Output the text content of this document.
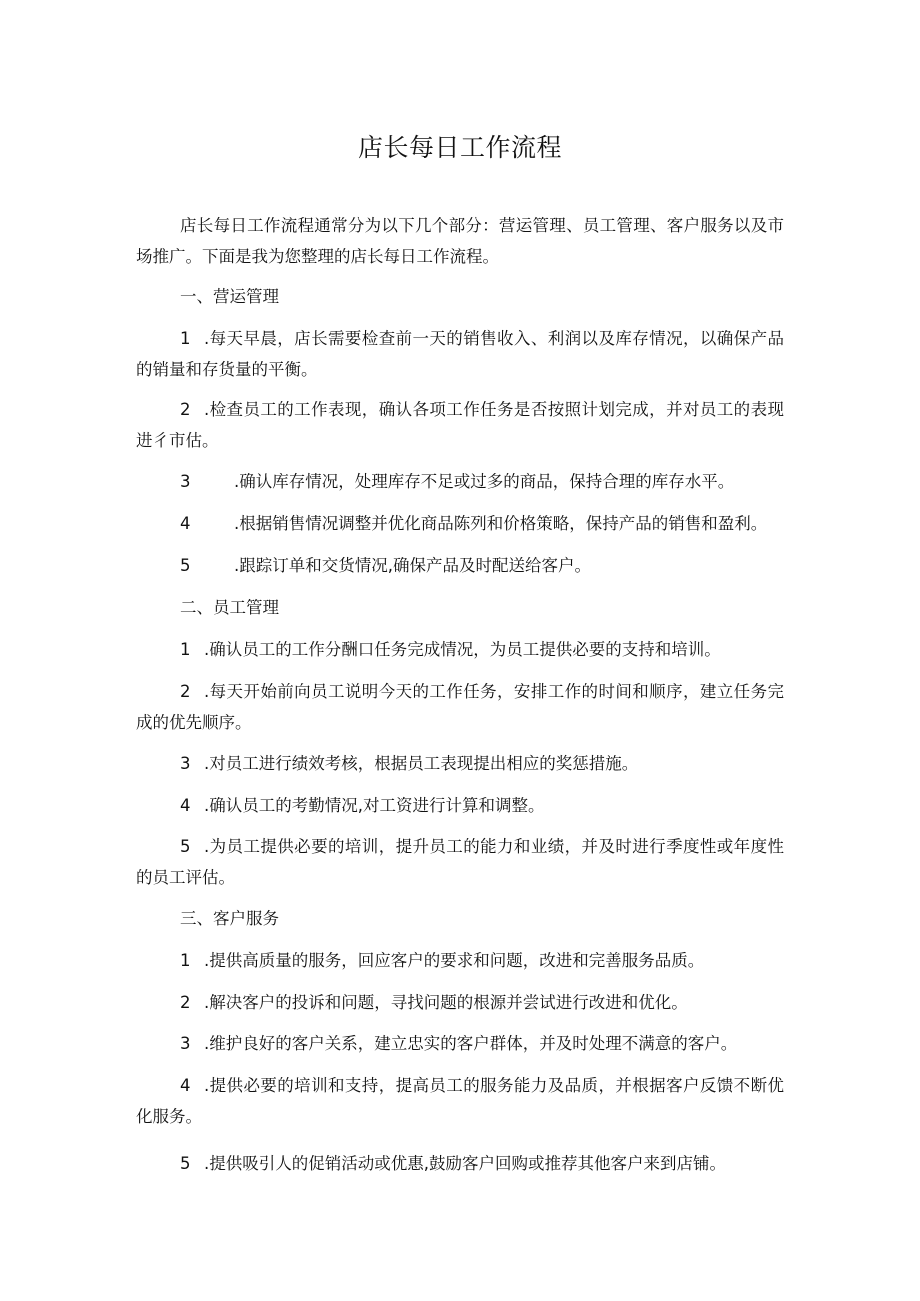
店长每日工作流程
店长每日工作流程通常分为以下几个部分：营运管理、员工管理、客户服务以及市场推广。下面是我为您整理的店长每日工作流程。
一、营运管理
1 .每天早晨，店长需要检查前一天的销售收入、利润以及库存情况，以确保产品的销量和存货量的平衡。
2 .检查员工的工作表现，确认各项工作任务是否按照计划完成，并对员工的表现进彳市估。
3	.确认库存情况，处理库存不足或过多的商品，保持合理的库存水平。
4	.根据销售情况调整并优化商品陈列和价格策略，保持产品的销售和盈利。
5	.跟踪订单和交货情况,确保产品及时配送给客户。
二、员工管理
1 .确认员工的工作分酬口任务完成情况，为员工提供必要的支持和培训。
2 .每天开始前向员工说明今天的工作任务，安排工作的时间和顺序，建立任务完成的优先顺序。
3 .对员工进行绩效考核，根据员工表现提出相应的奖惩措施。
4 .确认员工的考勤情况,对工资进行计算和调整。
5 .为员工提供必要的培训，提升员工的能力和业绩，并及时进行季度性或年度性的员工评估。
三、客户服务
1 .提供高质量的服务，回应客户的要求和问题，改进和完善服务品质。
2 .解决客户的投诉和问题，寻找问题的根源并尝试进行改进和优化。
3 .维护良好的客户关系，建立忠实的客户群体，并及时处理不满意的客户。
4 .提供必要的培训和支持，提高员工的服务能力及品质，并根据客户反馈不断优化服务。
5 .提供吸引人的促销活动或优惠,鼓励客户回购或推荐其他客户来到店铺。
